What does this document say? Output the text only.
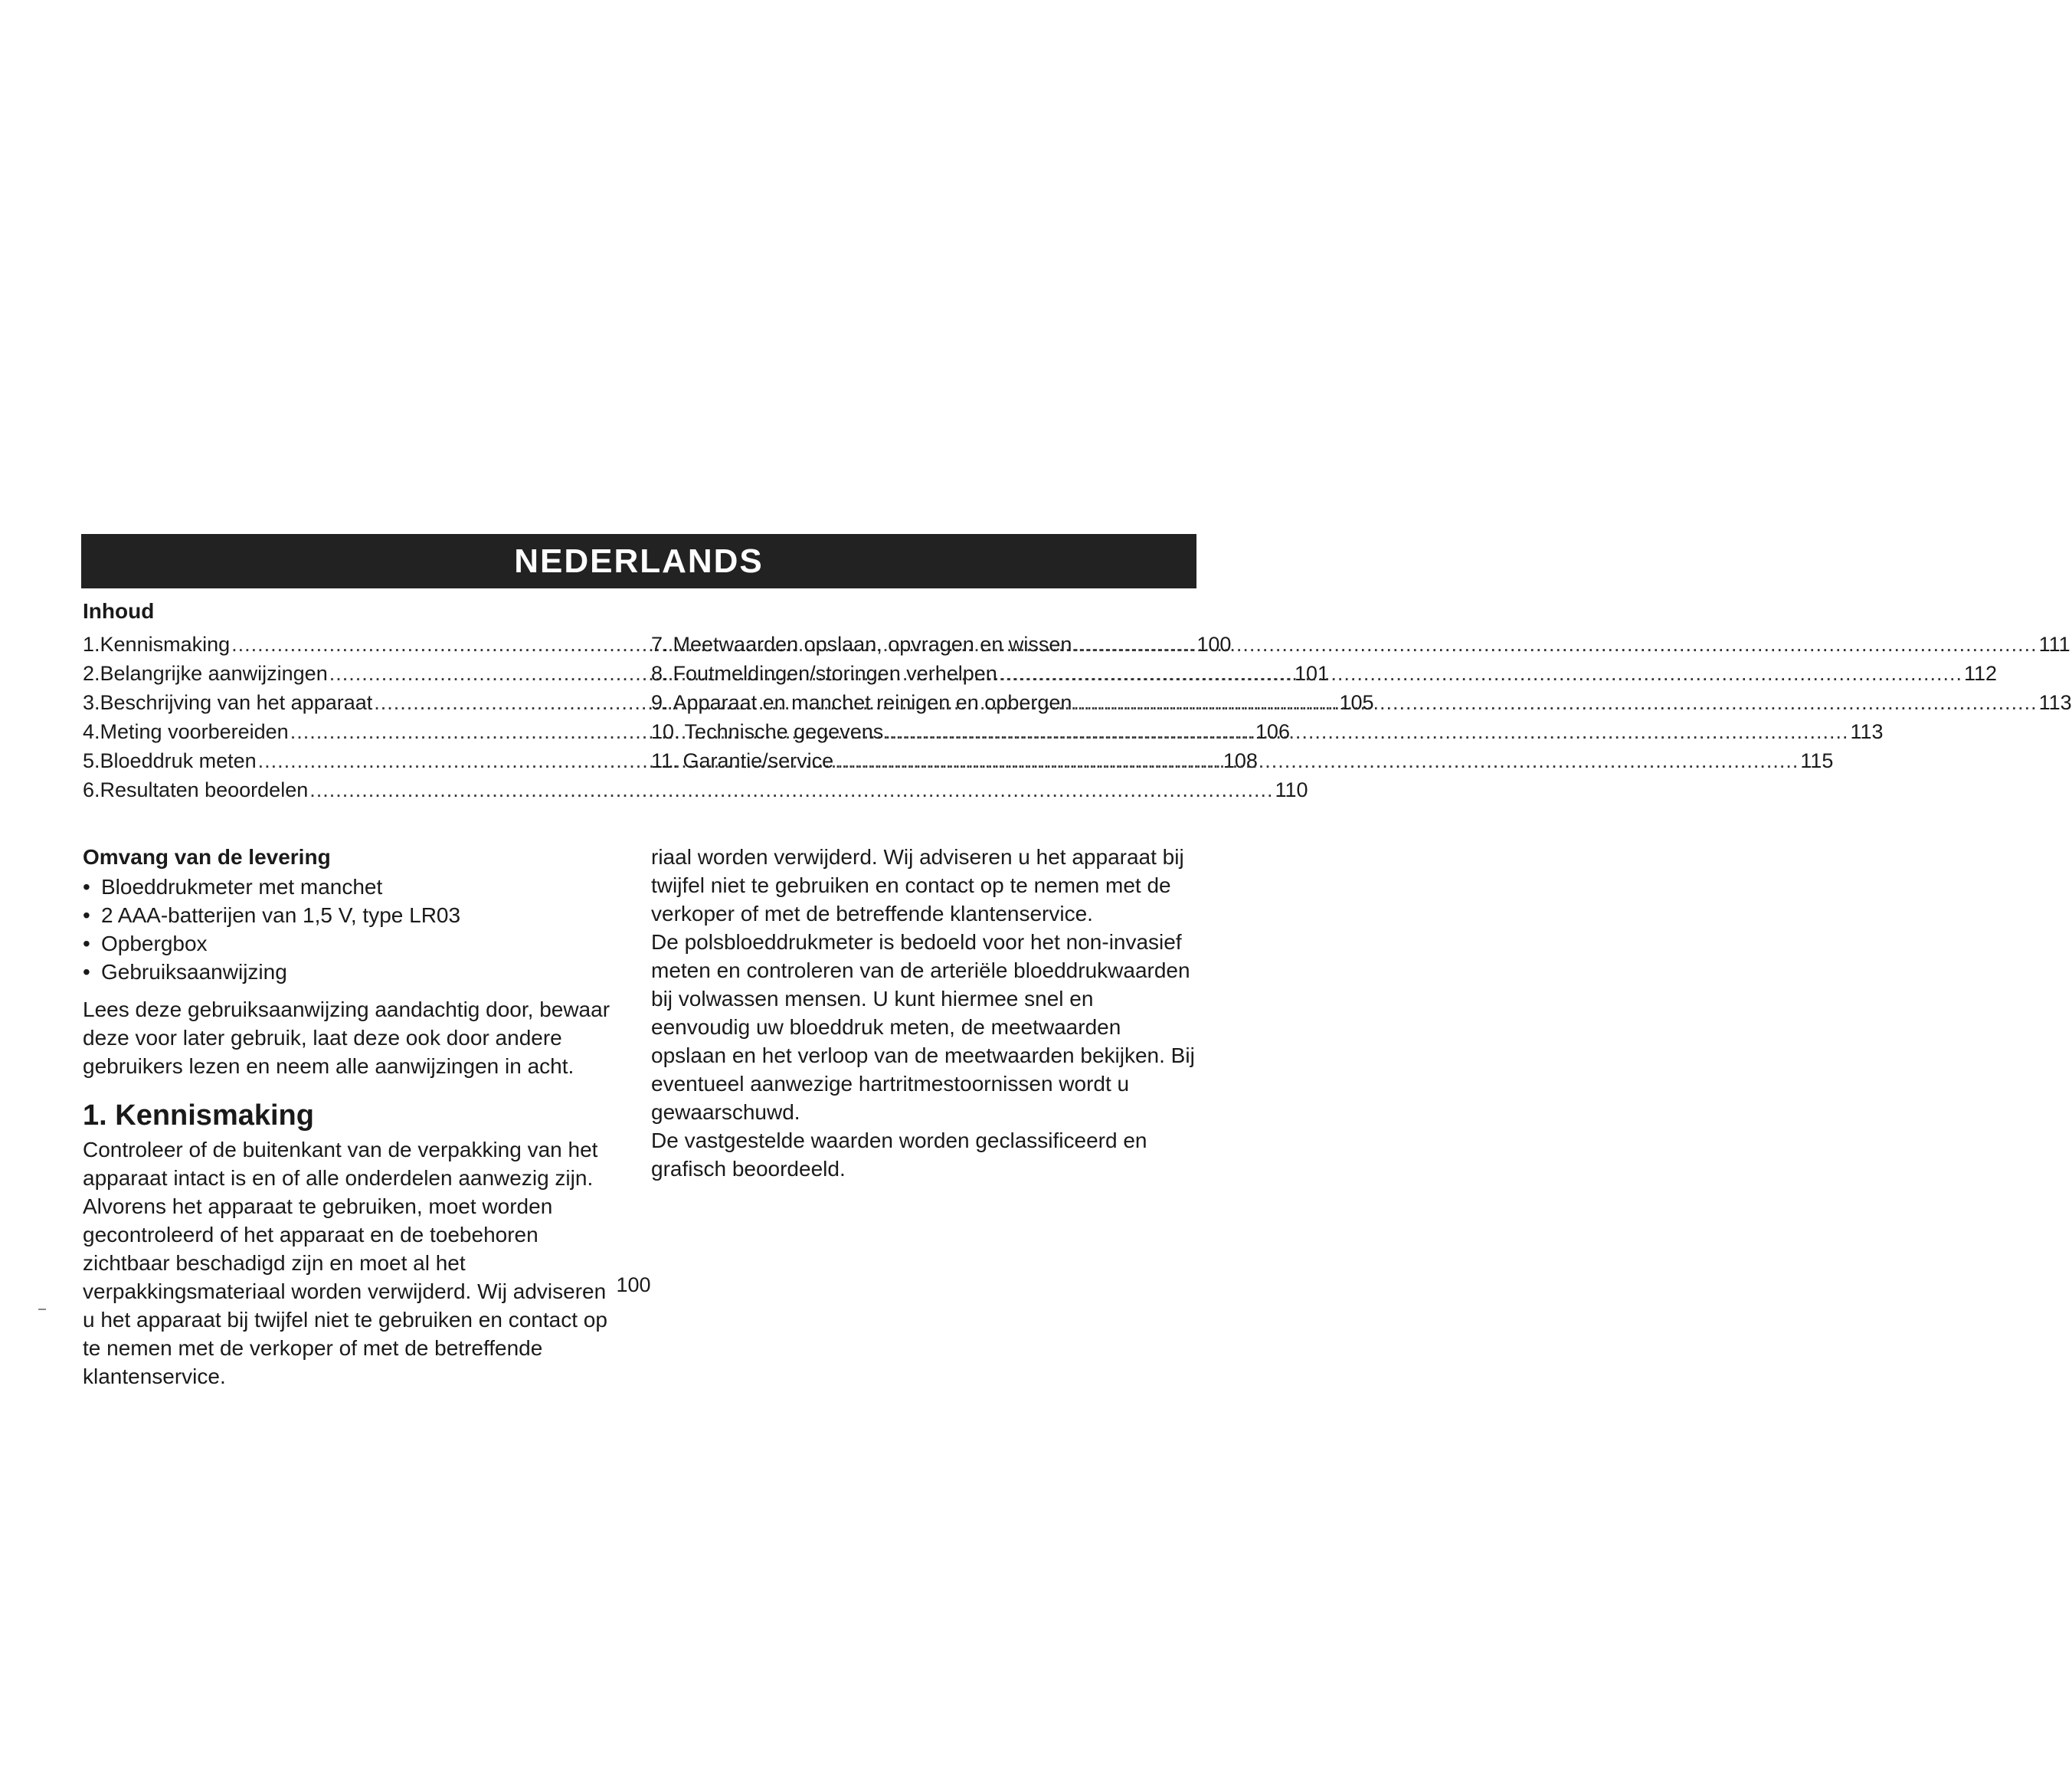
NEDERLANDS
Inhoud
1. Kennismaking .....	100
2. Belangrijke aanwijzingen .....	101
3. Beschrijving van het apparaat .....	105
4. Meting voorbereiden .....	106
5. Bloeddruk meten .....	108
6. Resultaten beoordelen .....	110
7. Meetwaarden opslaan, opvragen en wissen .....	111
8. Foutmeldingen/storingen verhelpen .....	112
9. Apparaat en manchet reinigen en opbergen .....	113
10. Technische gegevens .....	113
11. Garantie/service .....	115
Omvang van de levering
• Bloeddrukmeter met manchet
• 2 AAA-batterijen van 1,5 V, type LR03
• Opbergbox
• Gebruiksaanwijzing

Lees deze gebruiksaanwijzing aandachtig door, bewaar deze voor later gebruik, laat deze ook door andere gebruikers lezen en neem alle aanwijzingen in acht.

1. Kennismaking

Controleer of de buitenkant van de verpakking van het apparaat intact is en of alle onderdelen aanwezig zijn. Alvorens het apparaat te gebruiken, moet worden gecontroleerd of het apparaat en de toebehoren zichtbaar beschadigd zijn en moet al het verpakkingsmateriaal worden verwijderd. Wij adviseren u het apparaat bij twijfel niet te gebruiken en contact op te nemen met de verkoper of met de betreffende klantenservice.

riaal worden verwijderd. Wij adviseren u het apparaat bij twijfel niet te gebruiken en contact op te nemen met de verkoper of met de betreffende klantenservice.

De polsbloeddrukmeter is bedoeld voor het non-invasief meten en controleren van de arteriële bloeddrukwaarden bij volwassen mensen. U kunt hiermee snel en eenvoudig uw bloeddruk meten, de meetwaarden opslaan en het verloop van de meetwaarden bekijken. Bij eventueel aanwezige hartritmestoornissen wordt u gewaarschuwd.

De vastgestelde waarden worden geclassificeerd en grafisch beoordeeld.

100
